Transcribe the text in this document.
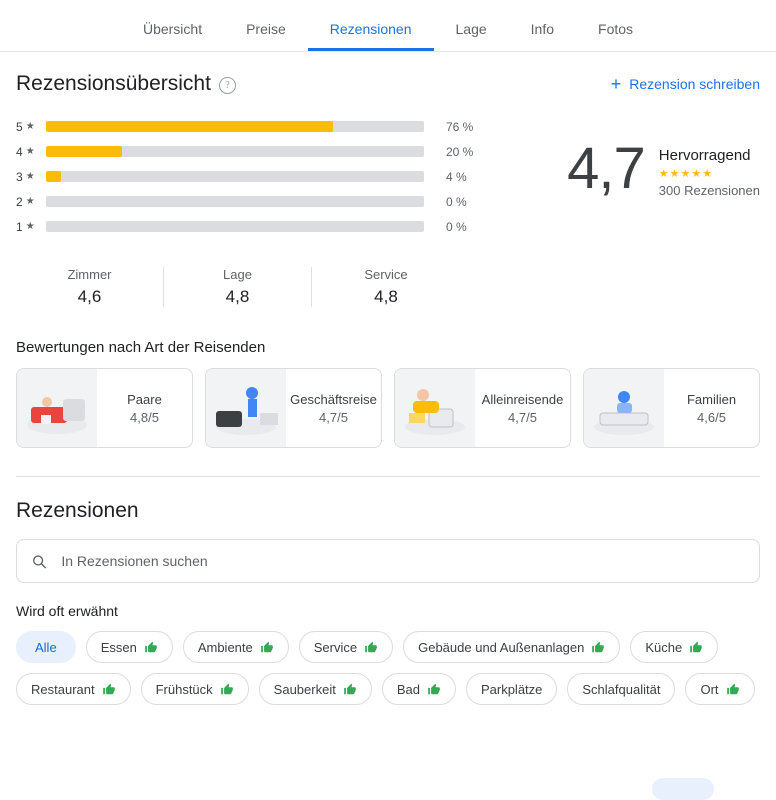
Übersicht	Preise	Rezensionen	Lage	Info	Fotos
Rezensionsübersicht	?	+ Rezension schreiben
5 ★	76 %
4 ★	20 %
3 ★	4 %
2 ★	0 %
1 ★	0 %
4,7 Hervorragend
★★★★★
300 Rezensionen
Zimmer
4,6
Lage
4,8
Service
4,8
Bewertungen nach Art der Reisenden
Paare
4,8/5
Geschäftsreise
4,7/5
Alleinreisende
4,7/5
Familien
4,6/5
Rezensionen
In Rezensionen suchen
Wird oft erwähnt
Alle	Essen	Ambiente	Service	Gebäude und Außenanlagen	Küche
Restaurant	Frühstück	Sauberkeit	Bad	Parkplätze	Schlafqualität	Ort
